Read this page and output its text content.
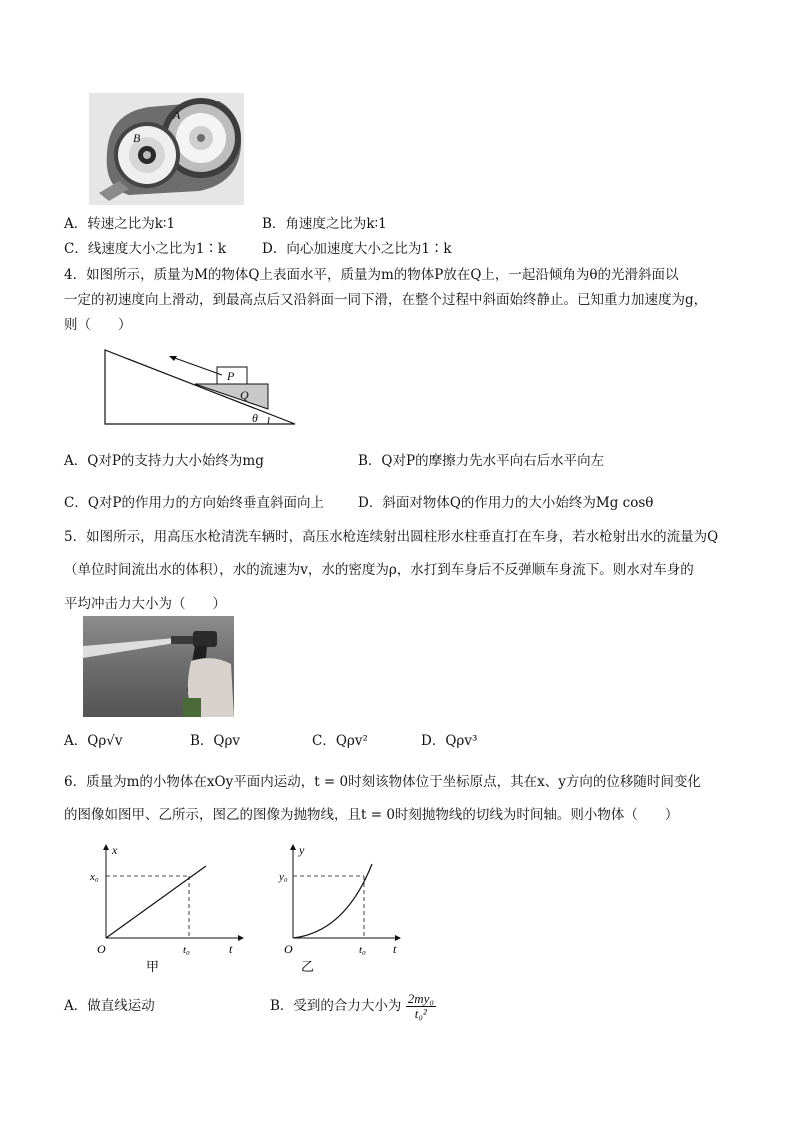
A
B
A．转速之比为k∶1	B．角速度之比为k∶1
C．线速度大小之比为1∶k	D．向心加速度大小之比为1∶k
4．如图所示，质量为M的物体Q上表面水平，质量为m的物体P放在Q上，一起沿倾角为θ的光滑斜面以
一定的初速度向上滑动，到最高点后又沿斜面一同下滑，在整个过程中斜面始终静止。已知重力加速度为g，
则（　　）
P
Q
θ
A．Q对P的支持力大小始终为mg	B．Q对P的摩擦力先水平向右后水平向左
C．Q对P的作用力的方向始终垂直斜面向上	D．斜面对物体Q的作用力的大小始终为Mg cosθ
5．如图所示，用高压水枪清洗车辆时，高压水枪连续射出圆柱形水柱垂直打在车身，若水枪射出水的流量为Q
（单位时间流出水的体积），水的流速为v，水的密度为ρ，水打到车身后不反弹顺车身流下。则水对车身的
平均冲击力大小为（　　）
A．Qρ√v	B．Qρv	C．Qρv²	D．Qρv³
6．质量为m的小物体在xOy平面内运动，t = 0时刻该物体位于坐标原点，其在x、y方向的位移随时间变化
的图像如图甲、乙所示，图乙的图像为抛物线，且t = 0时刻抛物线的切线为时间轴。则小物体（　　）
x
t
O
x₀
t₀
甲
y
t
O
y₀
t₀
乙
A．做直线运动	B．受到的合力大小为 $\frac{\text{2my₀}}{\text{t₀²}}$
